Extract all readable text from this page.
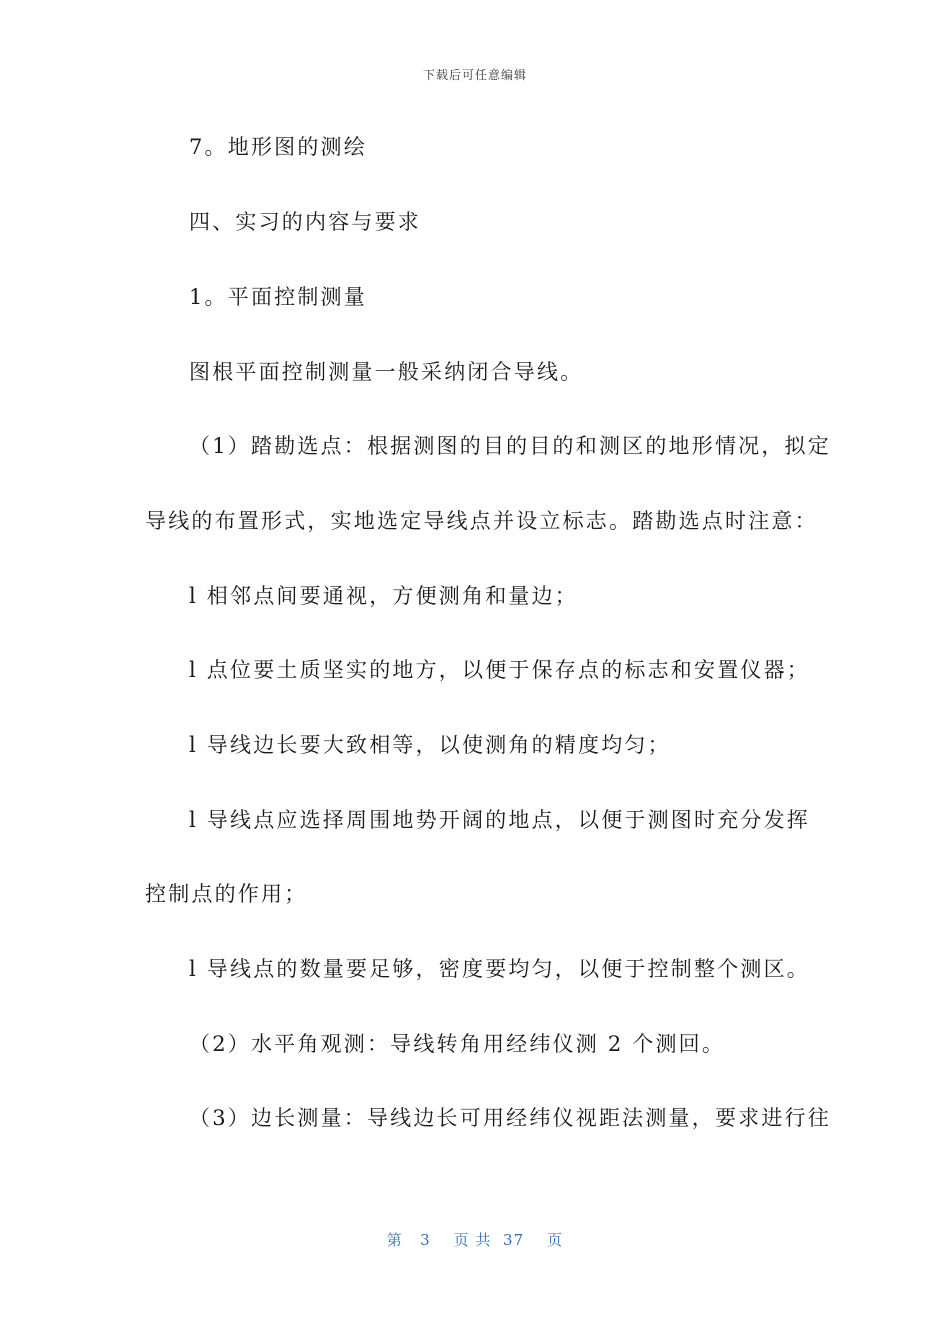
下载后可任意编辑
7。地形图的测绘
四、实习的内容与要求
1。平面控制测量
图根平面控制测量一般采纳闭合导线。
（1）踏勘选点：根据测图的目的目的和测区的地形情况，拟定
导线的布置形式，实地选定导线点并设立标志。踏勘选点时注意：
l 相邻点间要通视，方便测角和量边；
l 点位要土质坚实的地方，以便于保存点的标志和安置仪器；
l 导线边长要大致相等，以使测角的精度均匀；
l 导线点应选择周围地势开阔的地点，以便于测图时充分发挥
控制点的作用；
l 导线点的数量要足够，密度要均匀，以便于控制整个测区。
（2）水平角观测：导线转角用经纬仪测 2 个测回。
（3）边长测量：导线边长可用经纬仪视距法测量，要求进行往
第   3    页 共  37    页
